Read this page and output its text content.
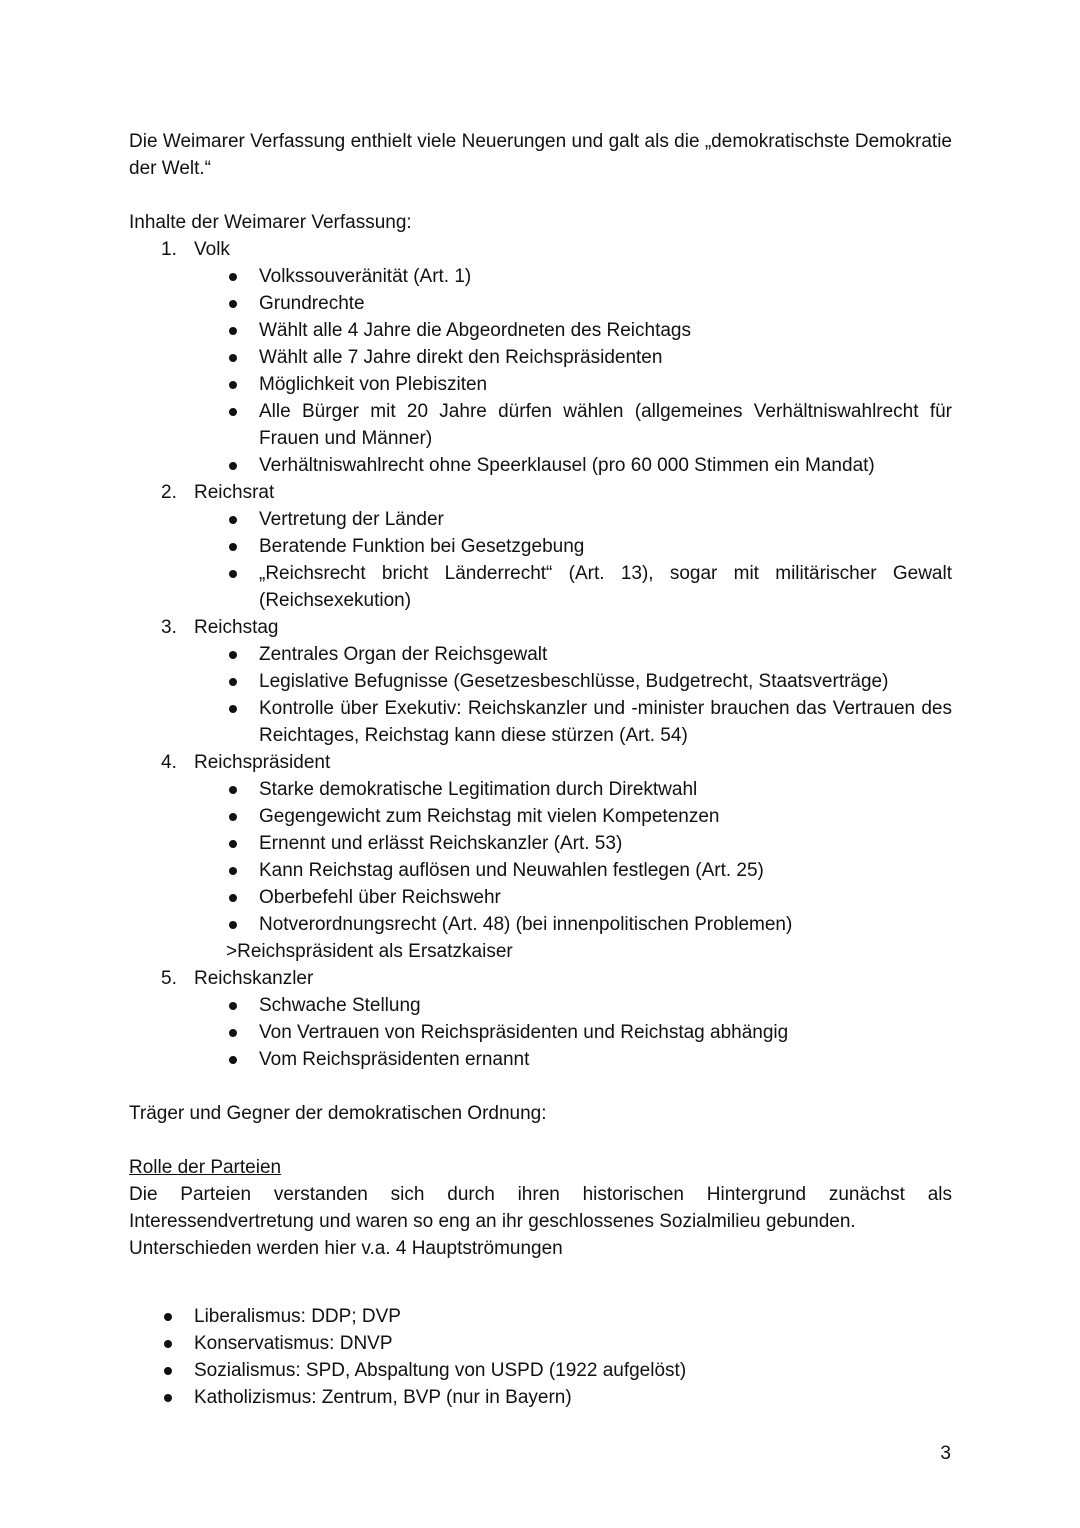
Die Weimarer Verfassung enthielt viele Neuerungen und galt als die „demokratischste Demokratie der Welt.“

Inhalte der Weimarer Verfassung:

1. Volk
Volkssouveränität (Art. 1)
Grundrechte
Wählt alle 4 Jahre die Abgeordneten des Reichtags
Wählt alle 7 Jahre direkt den Reichspräsidenten
Möglichkeit von Plebisziten
Alle Bürger mit 20 Jahre dürfen wählen (allgemeines Verhältniswahlrecht für Frauen und Männer)
Verhältniswahlrecht ohne Speerklausel (pro 60 000 Stimmen ein Mandat)
2. Reichsrat
Vertretung der Länder
Beratende Funktion bei Gesetzgebung
„Reichsrecht bricht Länderrecht“ (Art. 13), sogar mit militärischer Gewalt (Reichsexekution)
3. Reichstag
Zentrales Organ der Reichsgewalt
Legislative Befugnisse (Gesetzesbeschlüsse, Budgetrecht, Staatsverträge)
Kontrolle über Exekutiv: Reichskanzler und -minister brauchen das Vertrauen des Reichtages, Reichstag kann diese stürzen (Art. 54)
4. Reichspräsident
Starke demokratische Legitimation durch Direktwahl
Gegengewicht zum Reichstag mit vielen Kompetenzen
Ernennt und erlässt Reichskanzler (Art. 53)
Kann Reichstag auflösen und Neuwahlen festlegen (Art. 25)
Oberbefehl über Reichswehr
Notverordnungsrecht (Art. 48) (bei innenpolitischen Problemen)
>Reichspräsident als Ersatzkaiser
5. Reichskanzler
Schwache Stellung
Von Vertrauen von Reichspräsidenten und Reichstag abhängig
Vom Reichspräsidenten ernannt

Träger und Gegner der demokratischen Ordnung:

Rolle der Parteien

Die Parteien verstanden sich durch ihren historischen Hintergrund zunächst als Interessendvertretung und waren so eng an ihr geschlossenes Sozialmilieu gebunden.

Unterschieden werden hier v.a. 4 Hauptströmungen

Liberalismus: DDP; DVP
Konservatismus: DNVP
Sozialismus: SPD, Abspaltung von USPD (1922 aufgelöst)
Katholizismus: Zentrum, BVP (nur in Bayern)
3
